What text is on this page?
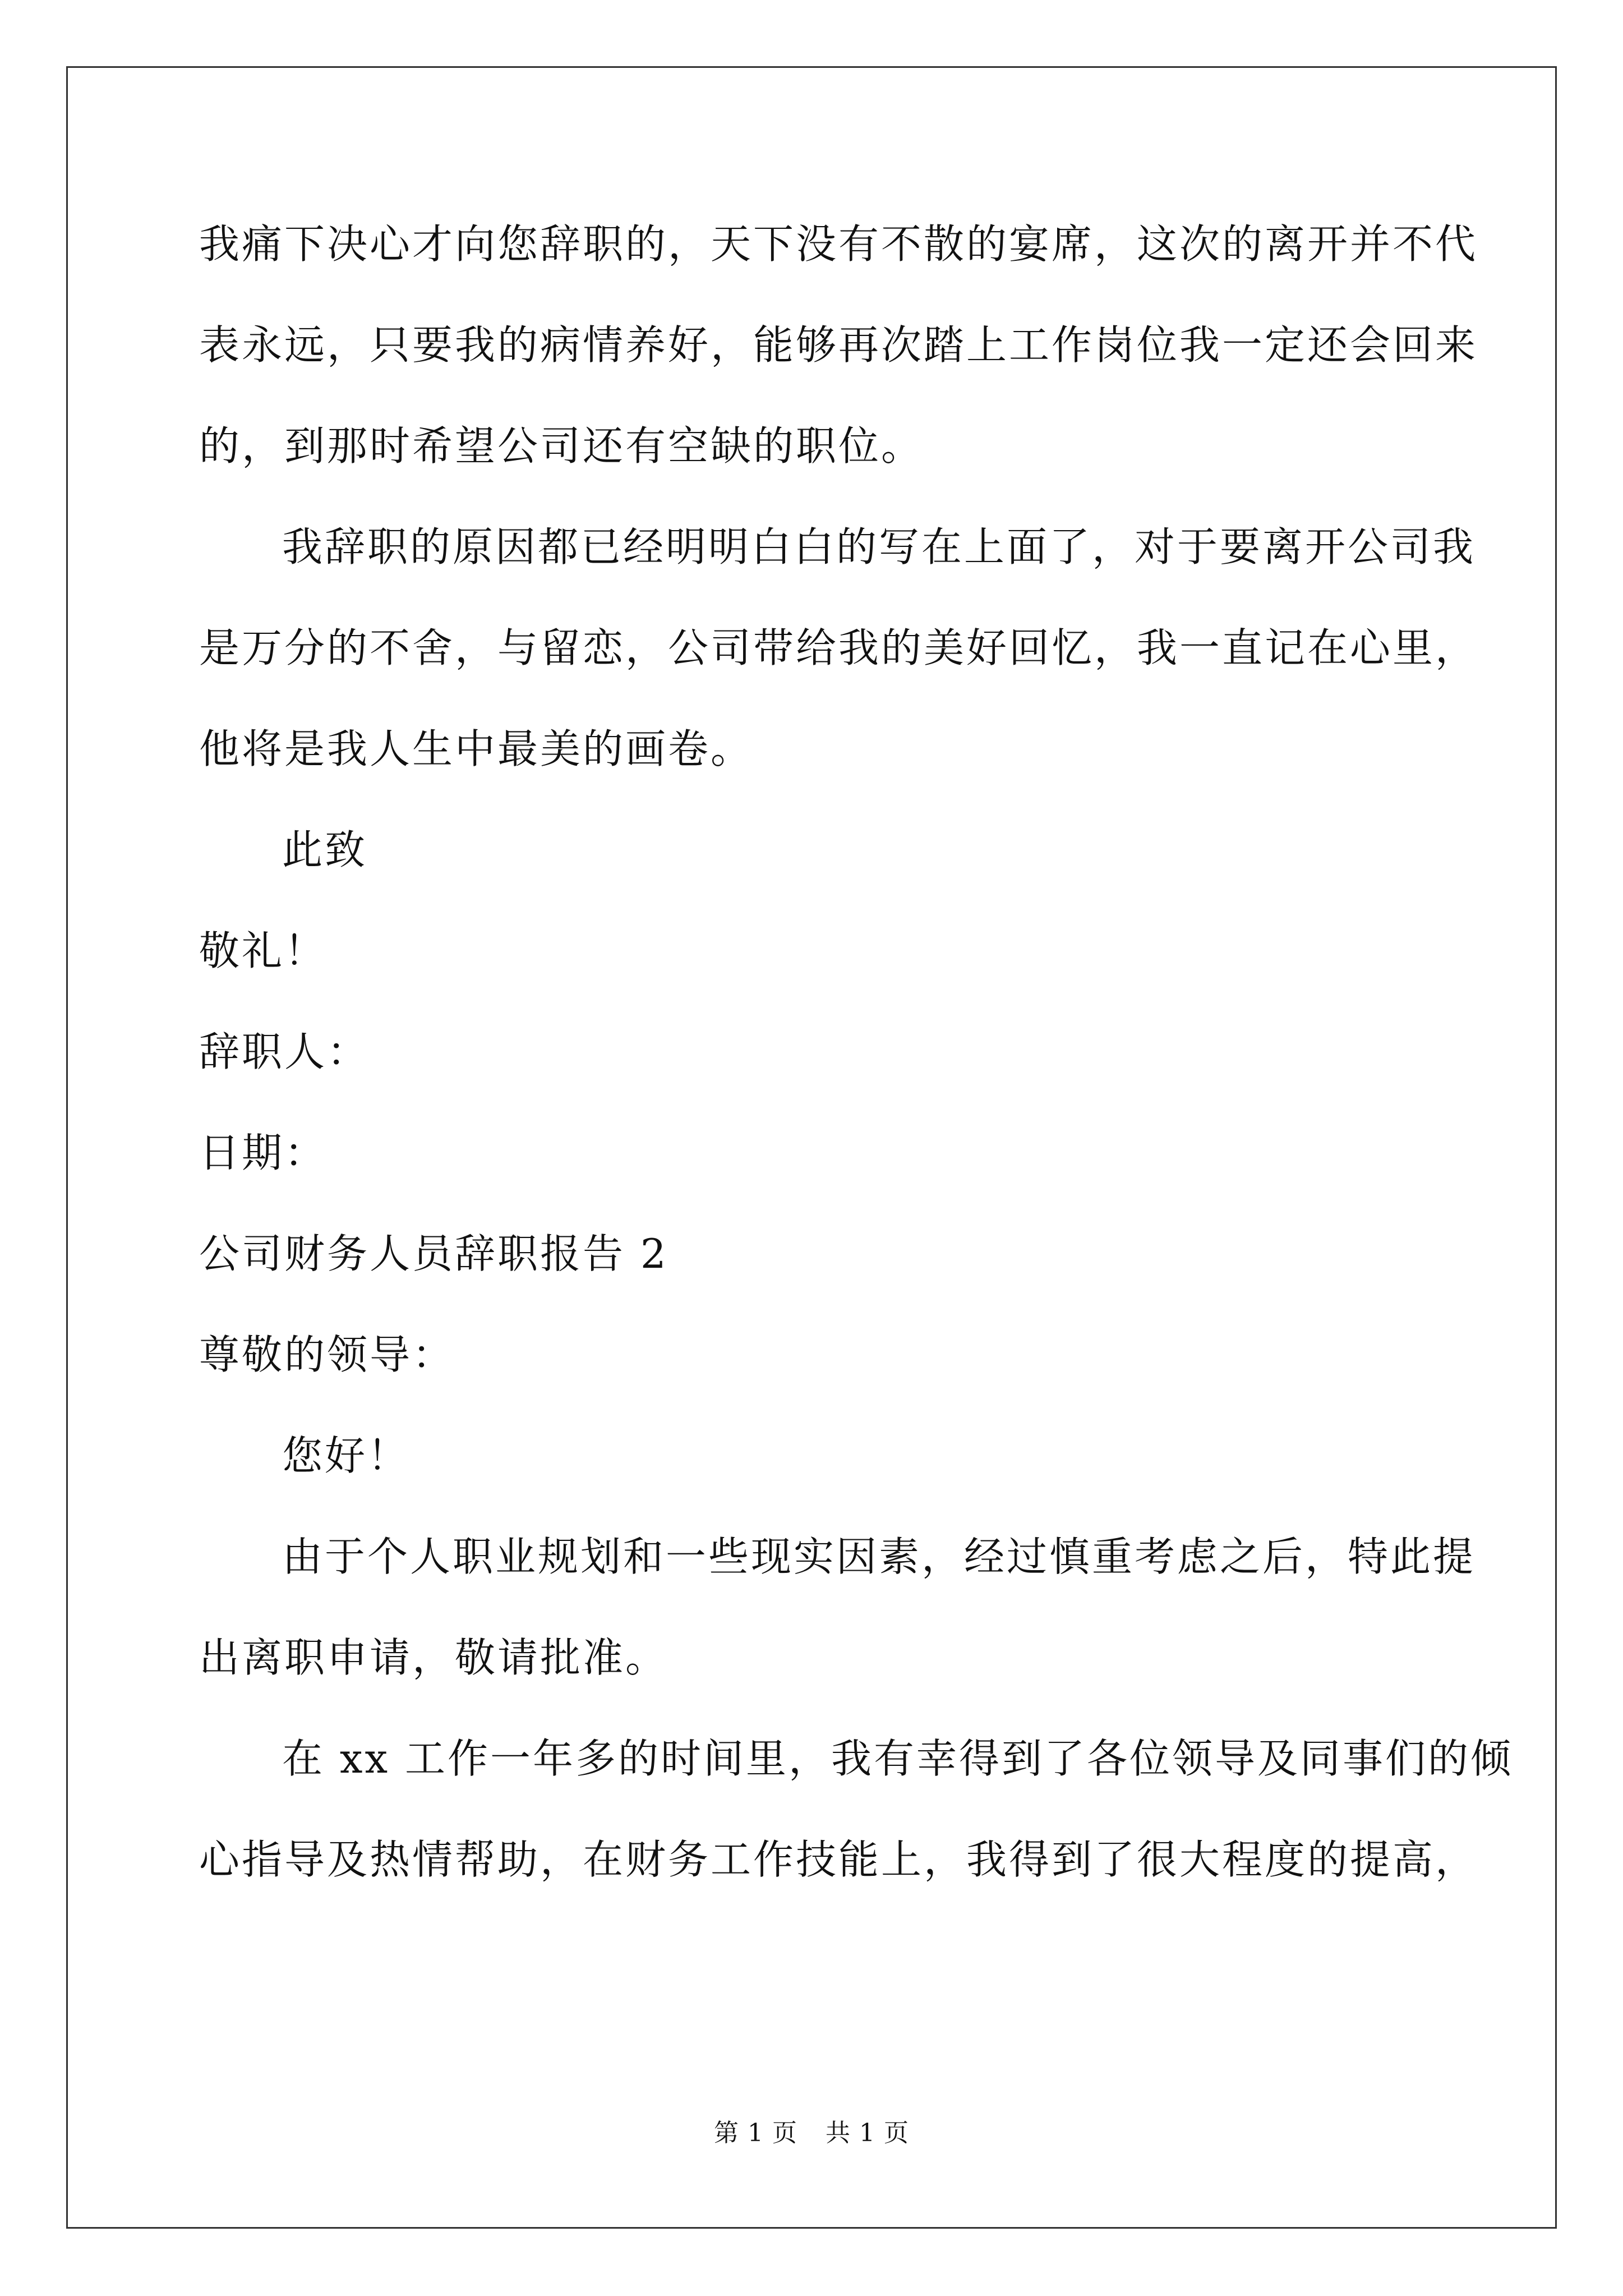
我痛下决心才向您辞职的，天下没有不散的宴席，这次的离开并不代
表永远，只要我的病情养好，能够再次踏上工作岗位我一定还会回来
的，到那时希望公司还有空缺的职位。
我辞职的原因都已经明明白白的写在上面了，对于要离开公司我
是万分的不舍，与留恋，公司带给我的美好回忆，我一直记在心里，
他将是我人生中最美的画卷。
此致
敬礼！
辞职人：
日期：
公司财务人员辞职报告 2
尊敬的领导：
您好！
由于个人职业规划和一些现实因素，经过慎重考虑之后，特此提
出离职申请，敬请批准。
在 xx 工作一年多的时间里，我有幸得到了各位领导及同事们的倾
心指导及热情帮助，在财务工作技能上，我得到了很大程度的提高，
第 1 页 共 1 页
